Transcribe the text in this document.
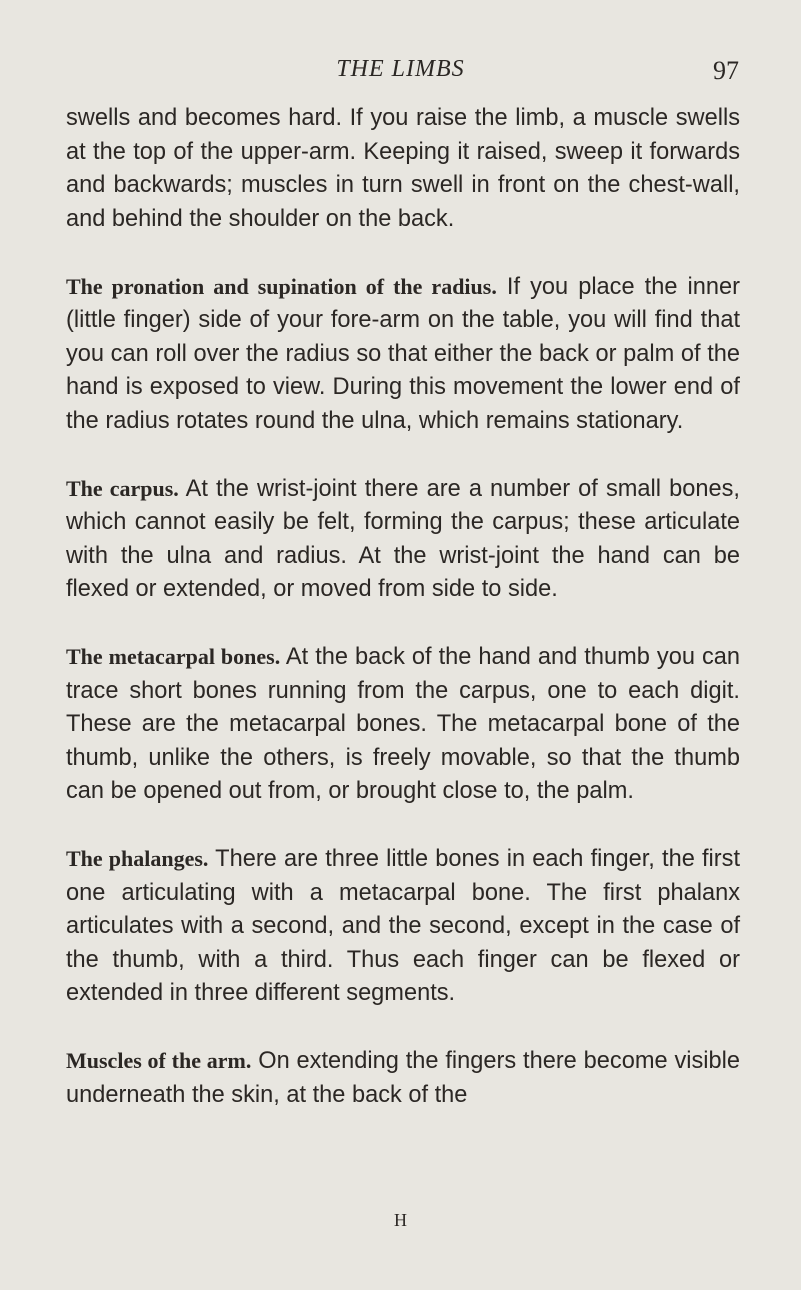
THE LIMBS	97

swells and becomes hard. If you raise the limb, a muscle swells at the top of the upper-arm. Keeping it raised, sweep it forwards and backwards; muscles in turn swell in front on the chest-wall, and behind the shoulder on the back.

The pronation and supination of the radius. If you place the inner (little finger) side of your fore-arm on the table, you will find that you can roll over the radius so that either the back or palm of the hand is exposed to view. During this movement the lower end of the radius rotates round the ulna, which remains stationary.

The carpus. At the wrist-joint there are a number of small bones, which cannot easily be felt, forming the carpus; these articulate with the ulna and radius. At the wrist-joint the hand can be flexed or extended, or moved from side to side.

The metacarpal bones. At the back of the hand and thumb you can trace short bones running from the carpus, one to each digit. These are the metacarpal bones. The metacarpal bone of the thumb, unlike the others, is freely movable, so that the thumb can be opened out from, or brought close to, the palm.

The phalanges. There are three little bones in each finger, the first one articulating with a metacarpal bone. The first phalanx articulates with a second, and the second, except in the case of the thumb, with a third. Thus each finger can be flexed or extended in three different segments.

Muscles of the arm. On extending the fingers there become visible underneath the skin, at the back of the

H
